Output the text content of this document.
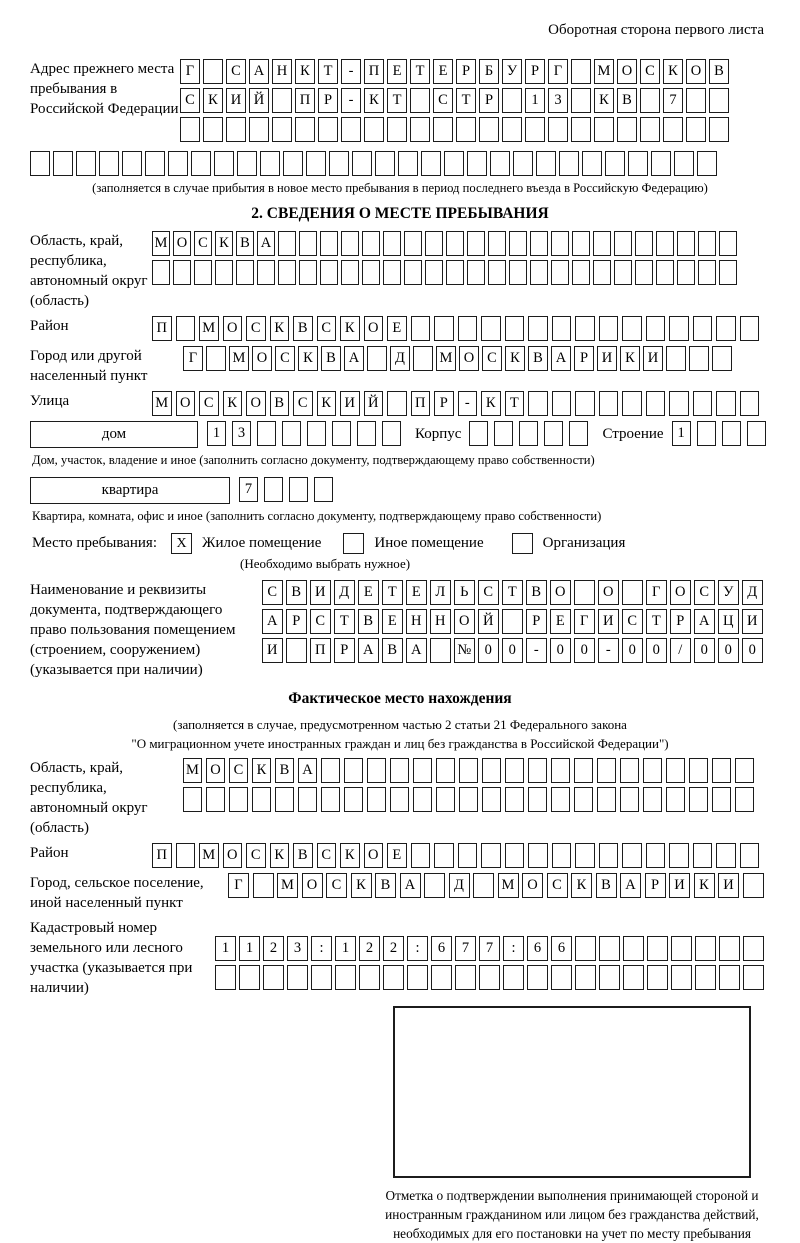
Оборотная сторона первого листа
Адрес прежнего места пребывания в Российской Федерации
Г	С А Н К Т	-	П Е Т Е	Р	Б У Р	Г	М О С К О В
С К И Й	П Р	-	К Т	С Т	Р	1	3	К В	7
(заполняется в случае прибытия в новое место пребывания в период последнего въезда в Российскую Федерацию)
2. СВЕДЕНИЯ О МЕСТЕ ПРЕБЫВАНИЯ
Область, край, республика, автономный округ (область)
М О С К В А
Район	П	М О С К В С К О Е
Город или другой населенный пункт
Г	М О С К В А	Д	М О С К В А Р И К И
Улица	М О С К О В С К И Й	П Р	-	К Т
дом	1	3	Корпус	Строение 1
Дом, участок, владение и иное (заполнить согласно документу, подтверждающему право собственности)
квартира	7
Квартира, комната, офис и иное (заполнить согласно документу, подтверждающему право собственности)
Место пребывания:	X	Жилое помещение	Иное помещение	Организация
(Необходимо выбрать нужное)
Наименование и реквизиты документа, подтверждающего право пользования помещением (строением, сооружением) (указывается при наличии)
С В И Д	Е	Т	Е	Л	Ь	С	Т	В О	О	Г	О С У Д
А	Р	С	Т	В	Е Н Н О Й	Р	Е	Г	И С	Т	Р	А Ц И
И	П	Р	А В А	№ 0	0	-	0	0	-	0	0	/	0	0	0
Фактическое место нахождения
(заполняется в случае, предусмотренном частью 2 статьи 21 Федерального закона
"О миграционном учете иностранных граждан и лиц без гражданства в Российской Федерации")
Область, край, республика, автономный округ (область)
М О С К В А
Район	П	М О С К В С К О Е
Город, сельское поселение, иной населенный пункт
Г	М О С	К	В А	Д	М О С	К	В А	Р	И К И
Кадастровый номер земельного или лесного участка (указывается при наличии)
1	1	2	3	:	1	2	2	:	6	7	7	:	6	6
Отметка о подтверждении выполнения принимающей стороной и иностранным гражданином или лицом без гражданства действий, необходимых для его постановки на учет по месту пребывания
